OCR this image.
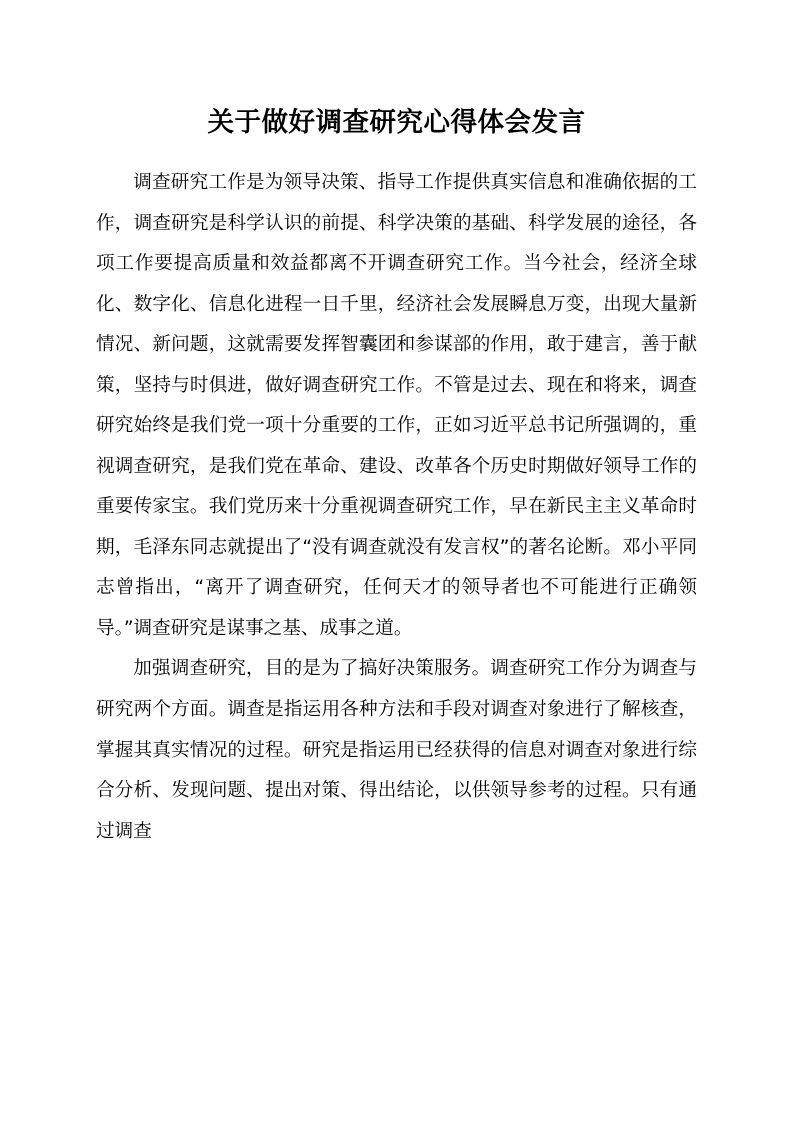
关于做好调查研究心得体会发言

调查研究工作是为领导决策、指导工作提供真实信息和准确依据的工作，调查研究是科学认识的前提、科学决策的基础、科学发展的途径，各项工作要提高质量和效益都离不开调查研究工作。当今社会，经济全球化、数字化、信息化进程一日千里，经济社会发展瞬息万变，出现大量新情况、新问题，这就需要发挥智囊团和参谋部的作用，敢于建言，善于献策，坚持与时俱进，做好调查研究工作。不管是过去、现在和将来，调查研究始终是我们党一项十分重要的工作，正如习近平总书记所强调的，重视调查研究，是我们党在革命、建设、改革各个历史时期做好领导工作的重要传家宝。我们党历来十分重视调查研究工作，早在新民主主义革命时期，毛泽东同志就提出了“没有调查就没有发言权”的著名论断。邓小平同志曾指出，“离开了调查研究，任何天才的领导者也不可能进行正确领导。”调查研究是谋事之基、成事之道。

加强调查研究，目的是为了搞好决策服务。调查研究工作分为调查与研究两个方面。调查是指运用各种方法和手段对调查对象进行了解核查，掌握其真实情况的过程。研究是指运用已经获得的信息对调查对象进行综合分析、发现问题、提出对策、得出结论，以供领导参考的过程。只有通过调查
